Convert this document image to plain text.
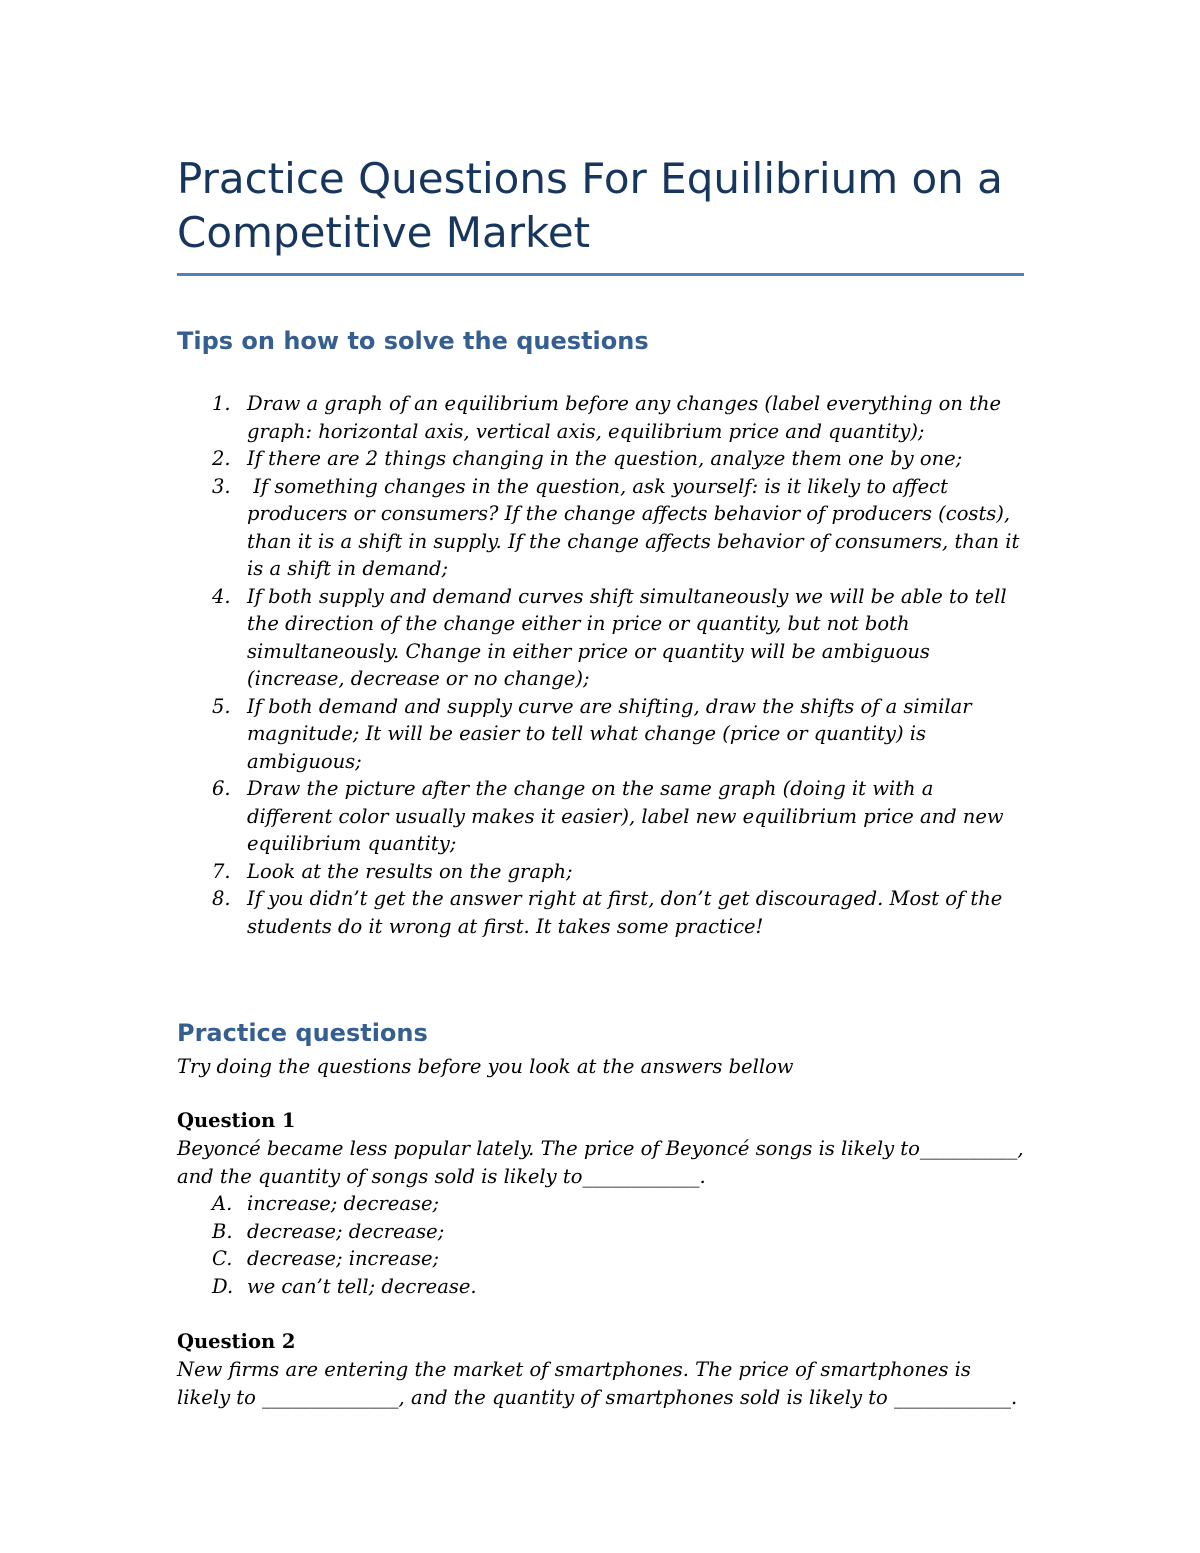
Practice Questions For Equilibrium on a Competitive Market
Tips on how to solve the questions
1. Draw a graph of an equilibrium before any changes (label everything on the graph: horizontal axis, vertical axis, equilibrium price and quantity);
2. If there are 2 things changing in the question, analyze them one by one;
3. If something changes in the question, ask yourself: is it likely to affect producers or consumers? If the change affects behavior of producers (costs), than it is a shift in supply. If the change affects behavior of consumers, than it is a shift in demand;
4. If both supply and demand curves shift simultaneously we will be able to tell the direction of the change either in price or quantity, but not both simultaneously. Change in either price or quantity will be ambiguous (increase, decrease or no change);
5. If both demand and supply curve are shifting, draw the shifts of a similar magnitude; It will be easier to tell what change (price or quantity) is ambiguous;
6. Draw the picture after the change on the same graph (doing it with a different color usually makes it easier), label new equilibrium price and new equilibrium quantity;
7. Look at the results on the graph;
8. If you didn’t get the answer right at first, don’t get discouraged. Most of the students do it wrong at first. It takes some practice!
Practice questions

Try doing the questions before you look at the answers bellow

Question 1

Beyoncé became less popular lately. The price of Beyoncé songs is likely to__________, and the quantity of songs sold is likely to____________.

A. increase; decrease;
B. decrease; decrease;
C. decrease; increase;
D. we can’t tell; decrease.

Question 2

New firms are entering the market of smartphones. The price of smartphones is likely to ______________, and the quantity of smartphones sold is likely to ____________.
